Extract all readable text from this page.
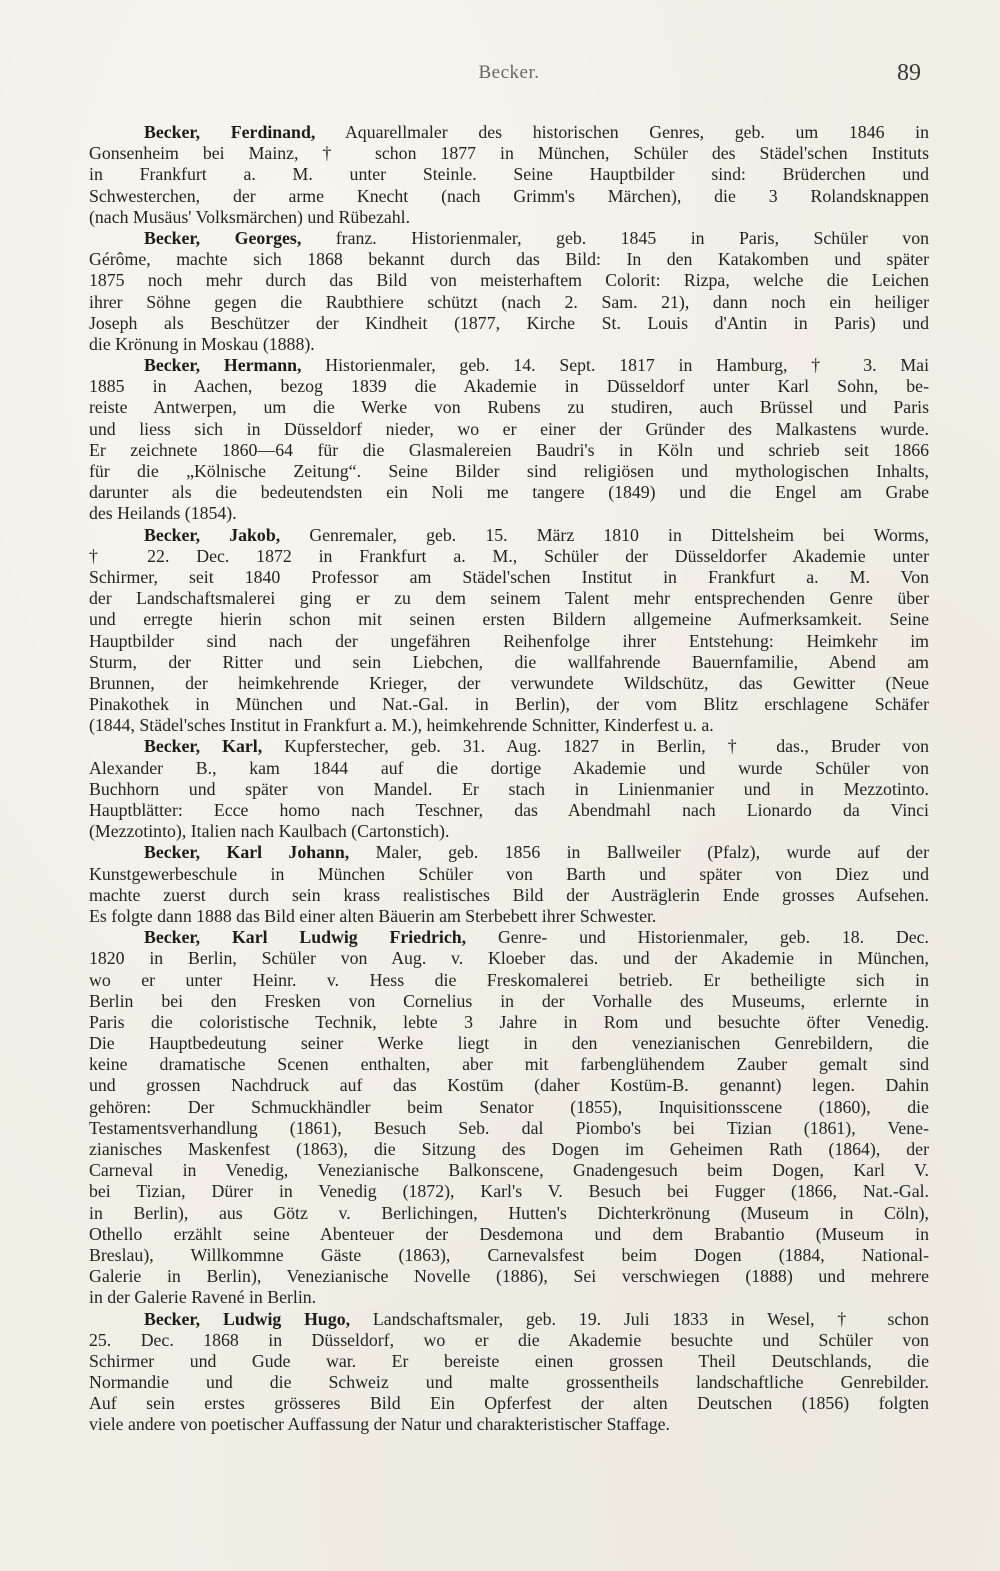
Becker.	89
Becker, Ferdinand, Aquarellmaler des historischen Genres, geb. um 1846 in
Gonsenheim bei Mainz, † schon 1877 in München, Schüler des Städel'schen Instituts
in Frankfurt a. M. unter Steinle. Seine Hauptbilder sind: Brüderchen und
Schwesterchen, der arme Knecht (nach Grimm's Märchen), die 3 Rolandsknappen
(nach Musäus' Volksmärchen) und Rübezahl.
Becker, Georges, franz. Historienmaler, geb. 1845 in Paris, Schüler von
Gérôme, machte sich 1868 bekannt durch das Bild: In den Katakomben und später
1875 noch mehr durch das Bild von meisterhaftem Colorit: Rizpa, welche die Leichen
ihrer Söhne gegen die Raubthiere schützt (nach 2. Sam. 21), dann noch ein heiliger
Joseph als Beschützer der Kindheit (1877, Kirche St. Louis d'Antin in Paris) und
die Krönung in Moskau (1888).
Becker, Hermann, Historienmaler, geb. 14. Sept. 1817 in Hamburg, † 3. Mai
1885 in Aachen, bezog 1839 die Akademie in Düsseldorf unter Karl Sohn, be-
reiste Antwerpen, um die Werke von Rubens zu studiren, auch Brüssel und Paris
und liess sich in Düsseldorf nieder, wo er einer der Gründer des Malkastens wurde.
Er zeichnete 1860—64 für die Glasmalereien Baudri's in Köln und schrieb seit 1866
für die „Kölnische Zeitung“. Seine Bilder sind religiösen und mythologischen Inhalts,
darunter als die bedeutendsten ein Noli me tangere (1849) und die Engel am Grabe
des Heilands (1854).
Becker, Jakob, Genremaler, geb. 15. März 1810 in Dittelsheim bei Worms,
† 22. Dec. 1872 in Frankfurt a. M., Schüler der Düsseldorfer Akademie unter
Schirmer, seit 1840 Professor am Städel'schen Institut in Frankfurt a. M. Von
der Landschaftsmalerei ging er zu dem seinem Talent mehr entsprechenden Genre über
und erregte hierin schon mit seinen ersten Bildern allgemeine Aufmerksamkeit. Seine
Hauptbilder sind nach der ungefähren Reihenfolge ihrer Entstehung: Heimkehr im
Sturm, der Ritter und sein Liebchen, die wallfahrende Bauernfamilie, Abend am
Brunnen, der heimkehrende Krieger, der verwundete Wildschütz, das Gewitter (Neue
Pinakothek in München und Nat.-Gal. in Berlin), der vom Blitz erschlagene Schäfer
(1844, Städel'sches Institut in Frankfurt a. M.), heimkehrende Schnitter, Kinderfest u. a.
Becker, Karl, Kupferstecher, geb. 31. Aug. 1827 in Berlin, † das., Bruder von
Alexander B., kam 1844 auf die dortige Akademie und wurde Schüler von
Buchhorn und später von Mandel. Er stach in Linienmanier und in Mezzotinto.
Hauptblätter: Ecce homo nach Teschner, das Abendmahl nach Lionardo da Vinci
(Mezzotinto), Italien nach Kaulbach (Cartonstich).
Becker, Karl Johann, Maler, geb. 1856 in Ballweiler (Pfalz), wurde auf der
Kunstgewerbeschule in München Schüler von Barth und später von Diez und
machte zuerst durch sein krass realistisches Bild der Austräglerin Ende grosses Aufsehen.
Es folgte dann 1888 das Bild einer alten Bäuerin am Sterbebett ihrer Schwester.
Becker, Karl Ludwig Friedrich, Genre- und Historienmaler, geb. 18. Dec.
1820 in Berlin, Schüler von Aug. v. Kloeber das. und der Akademie in München,
wo er unter Heinr. v. Hess die Freskomalerei betrieb. Er betheiligte sich in
Berlin bei den Fresken von Cornelius in der Vorhalle des Museums, erlernte in
Paris die coloristische Technik, lebte 3 Jahre in Rom und besuchte öfter Venedig.
Die Hauptbedeutung seiner Werke liegt in den venezianischen Genrebildern, die
keine dramatische Scenen enthalten, aber mit farbenglühendem Zauber gemalt sind
und grossen Nachdruck auf das Kostüm (daher Kostüm-B. genannt) legen. Dahin
gehören: Der Schmuckhändler beim Senator (1855), Inquisitionsscene (1860), die
Testamentsverhandlung (1861), Besuch Seb. dal Piombo's bei Tizian (1861), Vene-
zianisches Maskenfest (1863), die Sitzung des Dogen im Geheimen Rath (1864), der
Carneval in Venedig, Venezianische Balkonscene, Gnadengesuch beim Dogen, Karl V.
bei Tizian, Dürer in Venedig (1872), Karl's V. Besuch bei Fugger (1866, Nat.-Gal.
in Berlin), aus Götz v. Berlichingen, Hutten's Dichterkrönung (Museum in Cöln),
Othello erzählt seine Abenteuer der Desdemona und dem Brabantio (Museum in
Breslau), Willkommne Gäste (1863), Carnevalsfest beim Dogen (1884, National-
Galerie in Berlin), Venezianische Novelle (1886), Sei verschwiegen (1888) und mehrere
in der Galerie Ravené in Berlin.
Becker, Ludwig Hugo, Landschaftsmaler, geb. 19. Juli 1833 in Wesel, † schon
25. Dec. 1868 in Düsseldorf, wo er die Akademie besuchte und Schüler von
Schirmer und Gude war. Er bereiste einen grossen Theil Deutschlands, die
Normandie und die Schweiz und malte grossentheils landschaftliche Genrebilder.
Auf sein erstes grösseres Bild Ein Opferfest der alten Deutschen (1856) folgten
viele andere von poetischer Auffassung der Natur und charakteristischer Staffage.
